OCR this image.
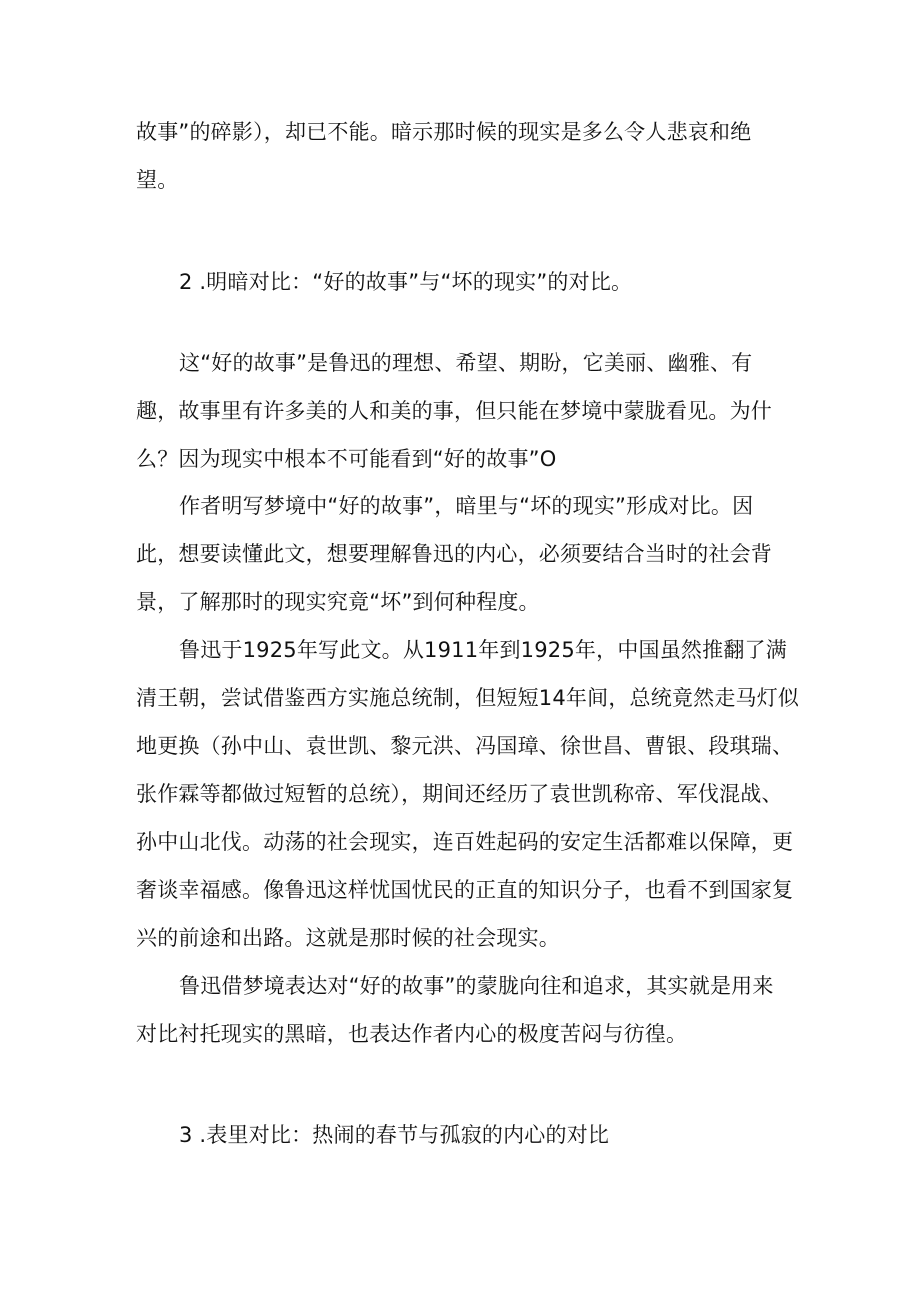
故事”的碎影），却已不能。暗示那时候的现实是多么令人悲哀和绝
望。
2 .明暗对比：“好的故事”与“坏的现实”的对比。
这“好的故事”是鲁迅的理想、希望、期盼，它美丽、幽雅、有
趣，故事里有许多美的人和美的事，但只能在梦境中蒙胧看见。为什
么？因为现实中根本不可能看到“好的故事”O
作者明写梦境中“好的故事”，暗里与“坏的现实”形成对比。因
此，想要读懂此文，想要理解鲁迅的内心，必须要结合当时的社会背
景，了解那时的现实究竟“坏”到何种程度。
鲁迅于1925年写此文。从1911年到1925年，中国虽然推翻了满
清王朝，尝试借鉴西方实施总统制，但短短14年间，总统竟然走马灯似
地更换（孙中山、袁世凯、黎元洪、冯国璋、徐世昌、曹银、段琪瑞、
张作霖等都做过短暂的总统），期间还经历了袁世凯称帝、军伐混战、
孙中山北伐。动荡的社会现实，连百姓起码的安定生活都难以保障，更
奢谈幸福感。像鲁迅这样忧国忧民的正直的知识分子，也看不到国家复
兴的前途和出路。这就是那时候的社会现实。
鲁迅借梦境表达对“好的故事”的蒙胧向往和追求，其实就是用来
对比衬托现实的黑暗，也表达作者内心的极度苦闷与彷徨。
3 .表里对比：热闹的春节与孤寂的内心的对比
